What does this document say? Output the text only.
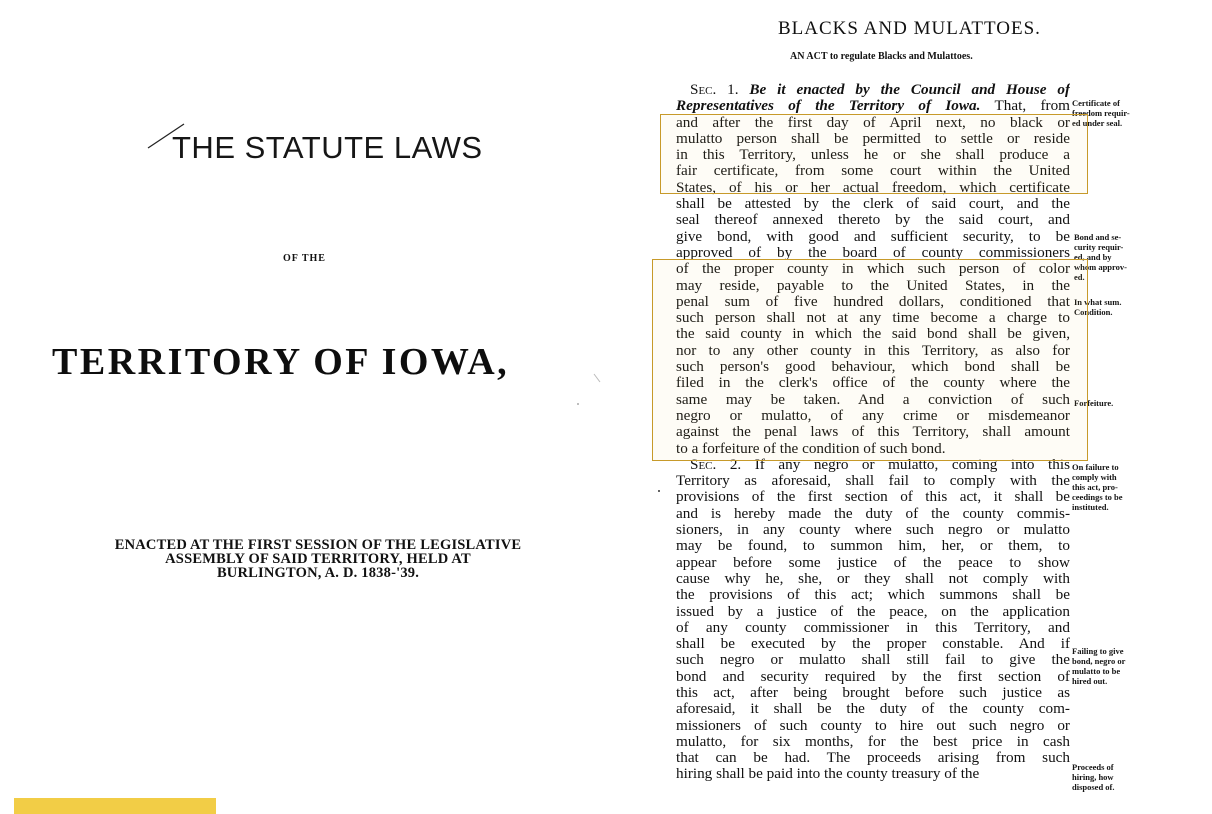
THE STATUTE LAWS
OF THE
TERRITORY OF IOWA,
ENACTED AT THE FIRST SESSION OF THE LEGISLATIVE
ASSEMBLY OF SAID TERRITORY, HELD AT
BURLINGTON, A. D. 1838-'39.
BLACKS AND MULATTOES.
AN ACT to regulate Blacks and Mulattoes.
Sec. 1. Be it enacted by the Council and House of
Representatives of the Territory of Iowa. That, from
and after the first day of April next, no black or
mulatto person shall be permitted to settle or reside
in this Territory, unless he or she shall produce a
fair certificate, from some court within the United
States, of his or her actual freedom, which certificate
shall be attested by the clerk of said court, and the
seal thereof annexed thereto by the said court, and
give bond, with good and sufficient security, to be
approved of by the board of county commissioners
of the proper county in which such person of color
may reside, payable to the United States, in the
penal sum of five hundred dollars, conditioned that
such person shall not at any time become a charge to
the said county in which the said bond shall be given,
nor to any other county in this Territory, as also for
such person's good behaviour, which bond shall be
filed in the clerk's office of the county where the
same may be taken. And a conviction of such
negro or mulatto, of any crime or misdemeanor
against the penal laws of this Territory, shall amount
to a forfeiture of the condition of such bond.
Sec. 2. If any negro or mulatto, coming into this
Territory as aforesaid, shall fail to comply with the
provisions of the first section of this act, it shall be
and is hereby made the duty of the county commis-
sioners, in any county where such negro or mulatto
may be found, to summon him, her, or them, to
appear before some justice of the peace to show
cause why he, she, or they shall not comply with
the provisions of this act; which summons shall be
issued by a justice of the peace, on the application
of any county commissioner in this Territory, and
shall be executed by the proper constable. And if
such negro or mulatto shall still fail to give the
bond and security required by the first section of
this act, after being brought before such justice as
aforesaid, it shall be the duty of the county com-
missioners of such county to hire out such negro or
mulatto, for six months, for the best price in cash
that can be had. The proceeds arising from such
hiring shall be paid into the county treasury of the
Certificate of
freedom requir-
ed under seal.
Bond and se-
curity requir-
ed, and by
whom approv-
ed.
In what sum.
Condition.
Forfeiture.
On failure to
comply with
this act, pro-
ceedings to be
instituted.
Failing to give
bond, negro or
mulatto to be
hired out.
Proceeds of
hiring, how
disposed of.
